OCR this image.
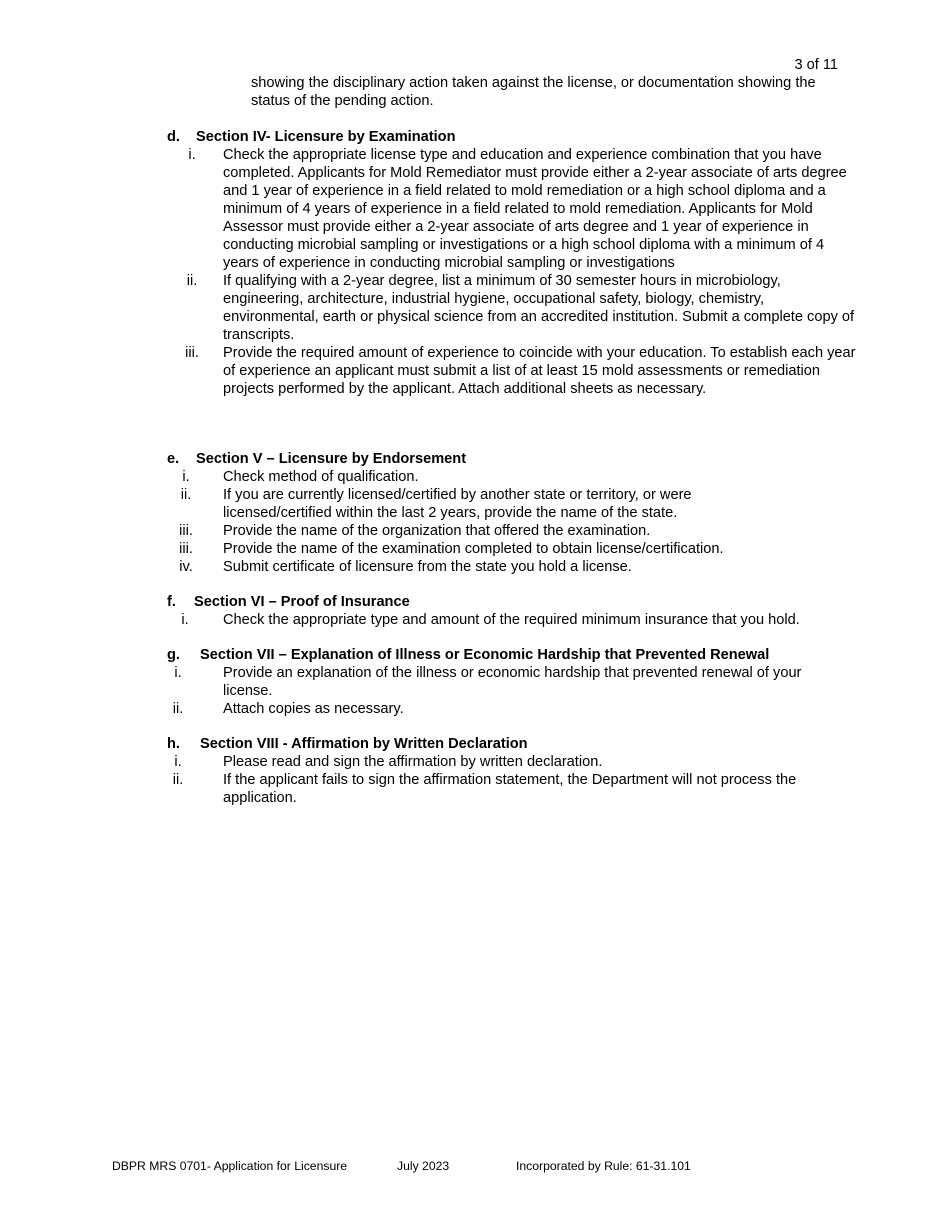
3 of 11

showing the disciplinary action taken against the license, or documentation showing the status of the pending action.

d. Section IV- Licensure by Examination
i.	Check the appropriate license type and education and experience combination that you have completed. Applicants for Mold Remediator must provide either a 2-year associate of arts degree and 1 year of experience in a field related to mold remediation or a high school diploma and a minimum of 4 years of experience in a field related to mold remediation. Applicants for Mold Assessor must provide either a 2-year associate of arts degree and 1 year of experience in conducting microbial sampling or investigations or a high school diploma with a minimum of 4 years of experience in conducting microbial sampling or investigations
ii.	If qualifying with a 2-year degree, list a minimum of 30 semester hours in microbiology, engineering, architecture, industrial hygiene, occupational safety, biology, chemistry, environmental, earth or physical science from an accredited institution. Submit a complete copy of transcripts.
iii.	Provide the required amount of experience to coincide with your education. To establish each year of experience an applicant must submit a list of at least 15 mold assessments or remediation projects performed by the applicant. Attach additional sheets as necessary.
e. Section V – Licensure by Endorsement
i.	Check method of qualification.
ii.	If you are currently licensed/certified by another state or territory, or were licensed/certified within the last 2 years, provide the name of the state.
iii.	Provide the name of the organization that offered the examination.
iii.	Provide the name of the examination completed to obtain license/certification.
iv.	Submit certificate of licensure from the state you hold a license.
f. Section VI – Proof of Insurance
i.	Check the appropriate type and amount of the required minimum insurance that you hold.
g. Section VII – Explanation of Illness or Economic Hardship that Prevented Renewal
i.	Provide an explanation of the illness or economic hardship that prevented renewal of your license.
ii.	Attach copies as necessary.
h. Section VIII - Affirmation by Written Declaration
i.	Please read and sign the affirmation by written declaration.
ii.	If the applicant fails to sign the affirmation statement, the Department will not process the application.
DBPR MRS 0701- Application for Licensure	July 2023	Incorporated by Rule: 61-31.101
